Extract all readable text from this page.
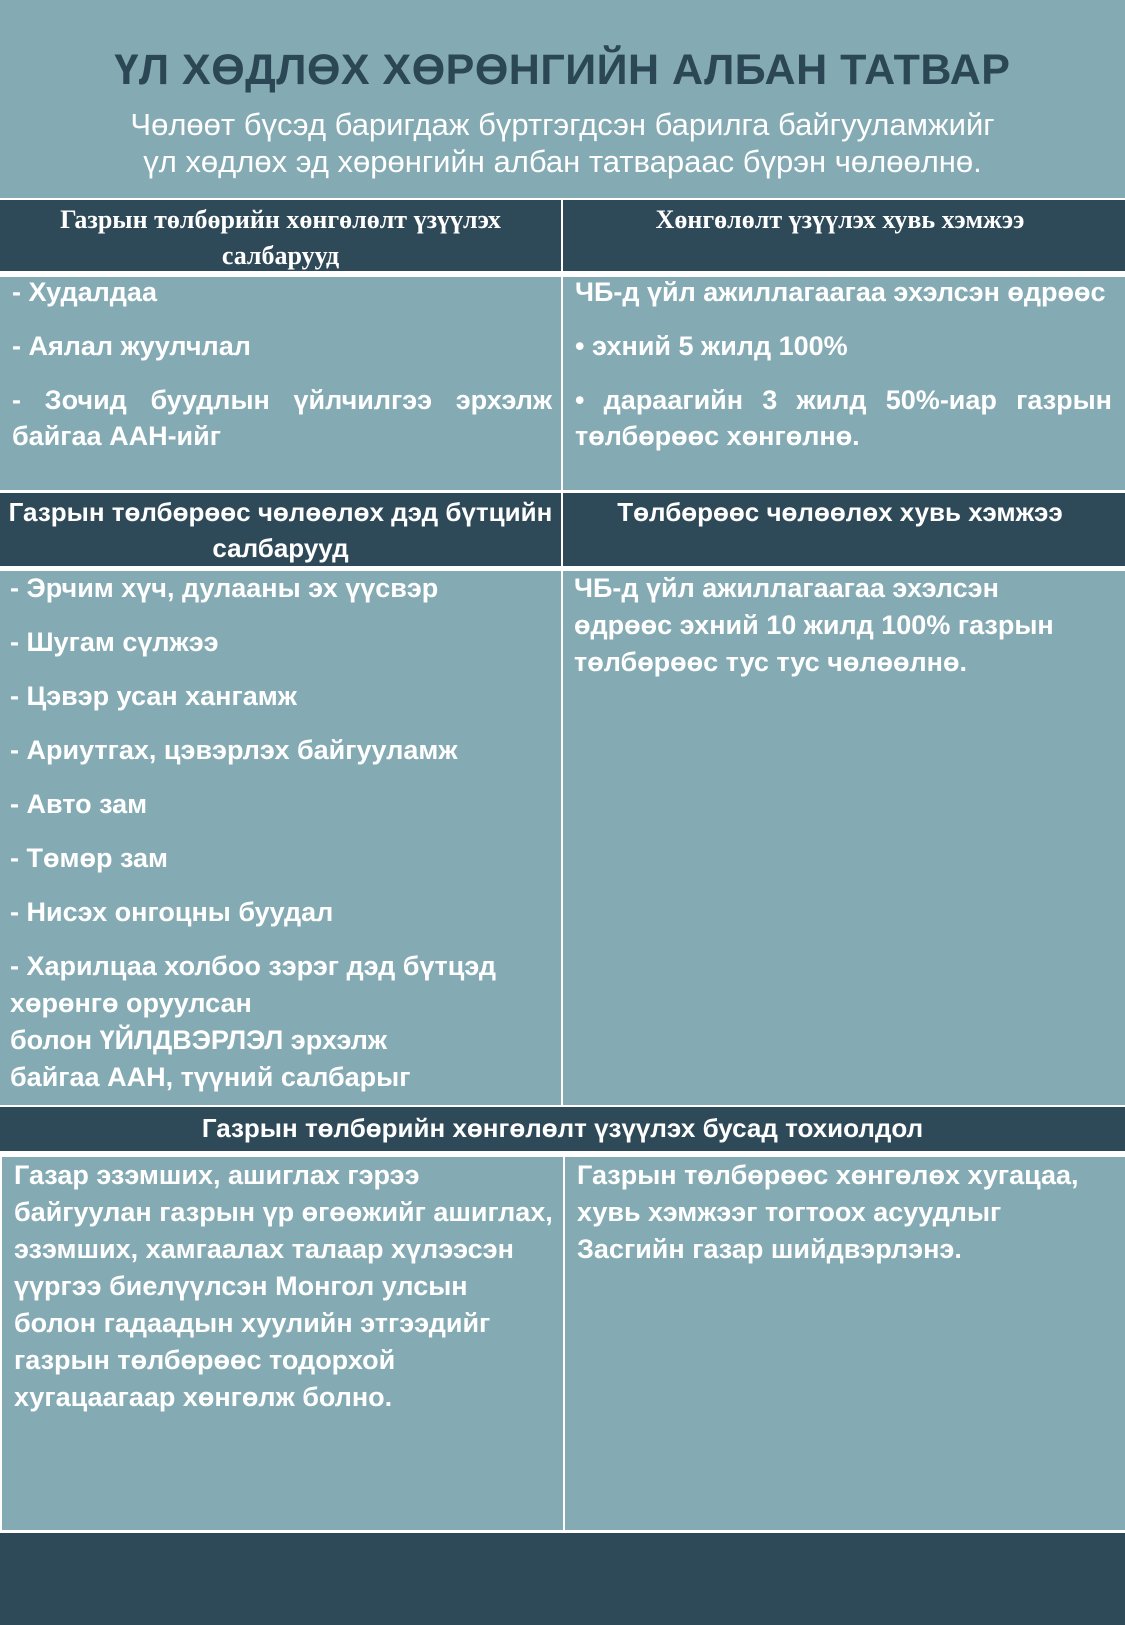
ҮЛ ХӨДЛӨХ ХӨРӨНГИЙН АЛБАН ТАТВАР
Чөлөөт бүсэд баригдаж бүртгэгдсэн барилга байгууламжийг
үл хөдлөх эд хөрөнгийн албан татвараас бүрэн чөлөөлнө.
Газрын төлбөрийн хөнгөлөлт үзүүлэх салбарууд
Хөнгөлөлт үзүүлэх хувь хэмжээ
- Худалдаа
- Аялал жуулчлал
- Зочид буудлын үйлчилгээ эрхэлж байгаа ААН-ийг
ЧБ-д үйл ажиллагаагаа эхэлсэн өдрөөс
• эхний 5 жилд 100%
• дараагийн 3 жилд 50%-иар газрын төлбөрөөс хөнгөлнө.
Газрын төлбөрөөс чөлөөлөх дэд бүтцийн салбарууд
Төлбөрөөс чөлөөлөх хувь хэмжээ
- Эрчим хүч, дулааны эх үүсвэр
- Шугам сүлжээ
- Цэвэр усан хангамж
- Ариутгах, цэвэрлэх байгууламж
- Авто зам
- Төмөр зам
- Нисэх онгоцны буудал
- Харилцаа холбоо зэрэг дэд бүтцэд
хөрөнгө оруулсан
болон ҮЙЛДВЭРЛЭЛ эрхэлж
байгаа ААН, түүний салбарыг
ЧБ-д үйл ажиллагаагаа эхэлсэн өдрөөс эхний 10 жилд 100% газрын төлбөрөөс тус тус чөлөөлнө.
Газрын төлбөрийн хөнгөлөлт үзүүлэх бусад тохиолдол
Газар эзэмших, ашиглах гэрээ байгуулан газрын үр өгөөжийг ашиглах, эзэмших, хамгаалах талаар хүлээсэн үүргээ биелүүлсэн Монгол улсын болон гадаадын хуулийн этгээдийг
газрын төлбөрөөс тодорхой хугацаагаар хөнгөлж болно.
Газрын төлбөрөөс хөнгөлөх хугацаа, хувь хэмжээг тогтоох асуудлыг Засгийн газар шийдвэрлэнэ.
